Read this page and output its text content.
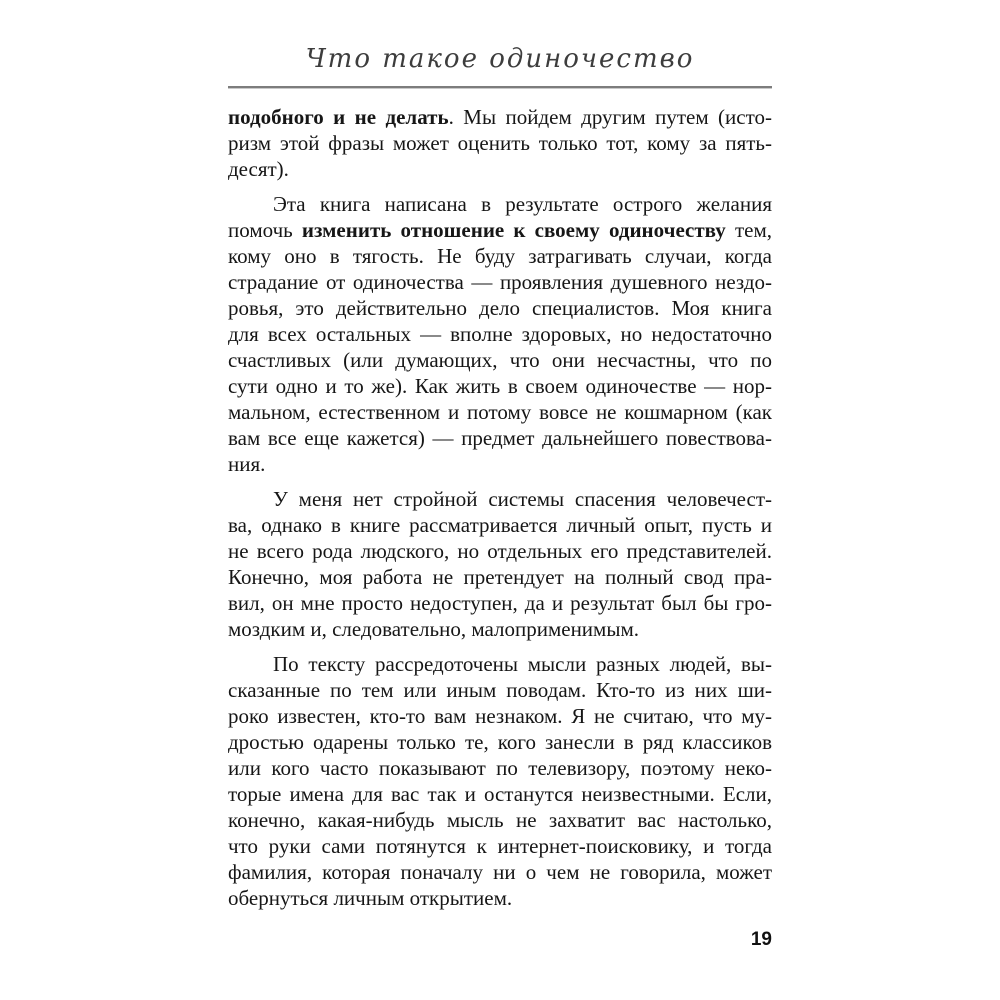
Что такое одиночество
подобного и не делать. Мы пойдем другим путем (исто-
ризм этой фразы может оценить только тот, кому за пять-
десят).
Эта книга написана в результате острого желания
помочь изменить отношение к своему одиночеству тем,
кому оно в тягость. Не буду затрагивать случаи, когда
страдание от одиночества — проявления душевного нездо-
ровья, это действительно дело специалистов. Моя книга
для всех остальных — вполне здоровых, но недостаточно
счастливых (или думающих, что они несчастны, что по
сути одно и то же). Как жить в своем одиночестве — нор-
мальном, естественном и потому вовсе не кошмарном (как
вам все еще кажется) — предмет дальнейшего повествова-
ния.
У меня нет стройной системы спасения человечест-
ва, однако в книге рассматривается личный опыт, пусть и
не всего рода людского, но отдельных его представителей.
Конечно, моя работа не претендует на полный свод пра-
вил, он мне просто недоступен, да и результат был бы гро-
моздким и, следовательно, малоприменимым.
По тексту рассредоточены мысли разных людей, вы-
сказанные по тем или иным поводам. Кто-то из них ши-
роко известен, кто-то вам незнаком. Я не считаю, что му-
дростью одарены только те, кого занесли в ряд классиков
или кого часто показывают по телевизору, поэтому неко-
торые имена для вас так и останутся неизвестными. Если,
конечно, какая-нибудь мысль не захватит вас настолько,
что руки сами потянутся к интернет-поисковику, и тогда
фамилия, которая поначалу ни о чем не говорила, может
обернуться личным открытием.
19
